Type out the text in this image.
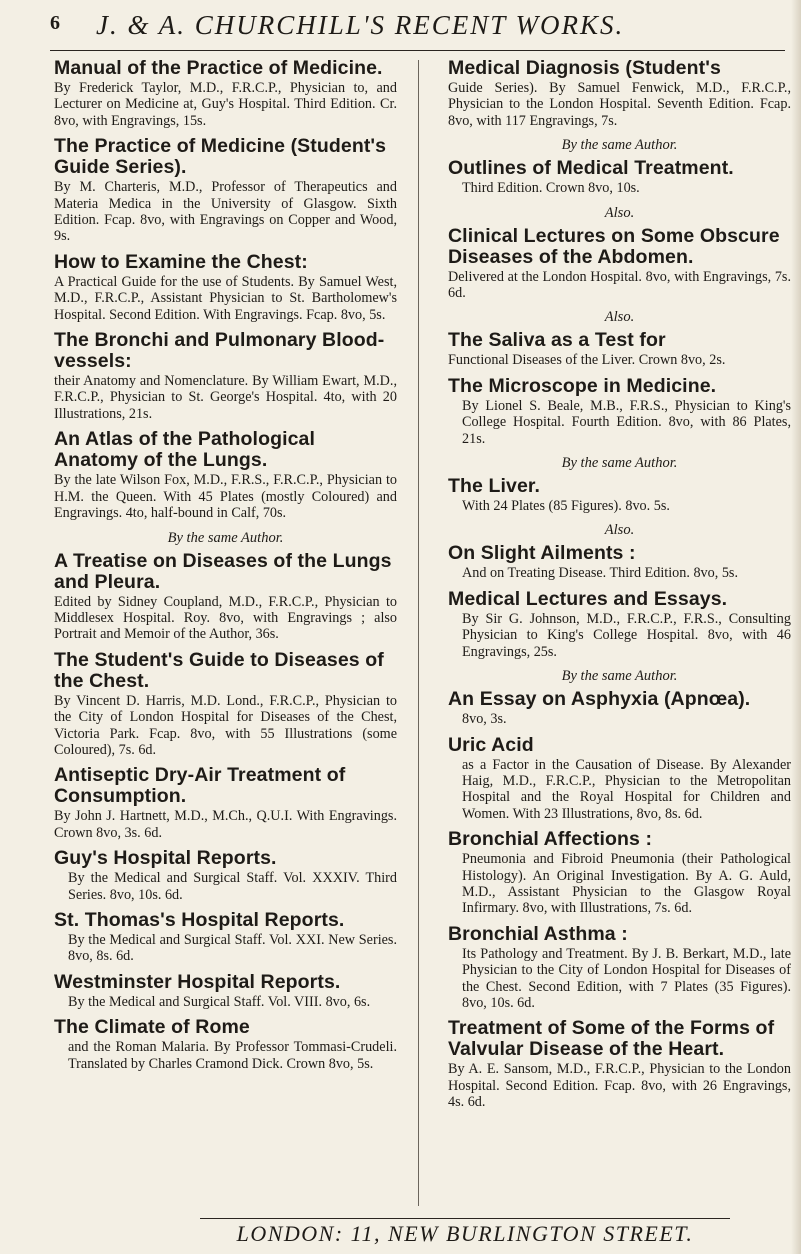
6 J. & A. CHURCHILL'S RECENT WORKS.
Manual of the Practice of Medicine.
By Frederick Taylor, M.D., F.R.C.P., Physician to, and Lecturer on Medicine at, Guy's Hospital. Third Edition. Cr. 8vo, with Engravings, 15s.
The Practice of Medicine (Student's Guide Series).
By M. Charteris, M.D., Professor of Therapeutics and Materia Medica in the University of Glasgow. Sixth Edition. Fcap. 8vo, with Engravings on Copper and Wood, 9s.
How to Examine the Chest:
A Practical Guide for the use of Students. By Samuel West, M.D., F.R.C.P., Assistant Physician to St. Bartholomew's Hospital. Second Edition. With Engravings. Fcap. 8vo, 5s.
The Bronchi and Pulmonary Blood-vessels:
their Anatomy and Nomenclature. By William Ewart, M.D., F.R.C.P., Physician to St. George's Hospital. 4to, with 20 Illustrations, 21s.
An Atlas of the Pathological Anatomy of the Lungs.
By the late Wilson Fox, M.D., F.R.S., F.R.C.P., Physician to H.M. the Queen. With 45 Plates (mostly Coloured) and Engravings. 4to, half-bound in Calf, 70s.
By the same Author.
A Treatise on Diseases of the Lungs and Pleura.
Edited by Sidney Coupland, M.D., F.R.C.P., Physician to Middlesex Hospital. Roy. 8vo, with Engravings ; also Portrait and Memoir of the Author, 36s.
The Student's Guide to Diseases of the Chest.
By Vincent D. Harris, M.D. Lond., F.R.C.P., Physician to the City of London Hospital for Diseases of the Chest, Victoria Park. Fcap. 8vo, with 55 Illustrations (some Coloured), 7s. 6d.
Antiseptic Dry-Air Treatment of Consumption.
By John J. Hartnett, M.D., M.Ch., Q.U.I. With Engravings. Crown 8vo, 3s. 6d.
Guy's Hospital Reports.
By the Medical and Surgical Staff. Vol. XXXIV. Third Series. 8vo, 10s. 6d.
St. Thomas's Hospital Reports.
By the Medical and Surgical Staff. Vol. XXI. New Series. 8vo, 8s. 6d.
Westminster Hospital Reports.
By the Medical and Surgical Staff. Vol. VIII. 8vo, 6s.
The Climate of Rome
and the Roman Malaria. By Professor Tommasi-Crudeli. Translated by Charles Cramond Dick. Crown 8vo, 5s.
Medical Diagnosis (Student's
Guide Series). By Samuel Fenwick, M.D., F.R.C.P., Physician to the London Hospital. Seventh Edition. Fcap. 8vo, with 117 Engravings, 7s.
By the same Author.
Outlines of Medical Treatment.
Third Edition. Crown 8vo, 10s.
Also.
Clinical Lectures on Some Obscure Diseases of the Abdomen.
Delivered at the London Hospital. 8vo, with Engravings, 7s. 6d.
Also.
The Saliva as a Test for
Functional Diseases of the Liver. Crown 8vo, 2s.
The Microscope in Medicine.
By Lionel S. Beale, M.B., F.R.S., Physician to King's College Hospital. Fourth Edition. 8vo, with 86 Plates, 21s.
By the same Author.
The Liver.
With 24 Plates (85 Figures). 8vo. 5s.
Also.
On Slight Ailments :
And on Treating Disease. Third Edition. 8vo, 5s.
Medical Lectures and Essays.
By Sir G. Johnson, M.D., F.R.C.P., F.R.S., Consulting Physician to King's College Hospital. 8vo, with 46 Engravings, 25s.
By the same Author.
An Essay on Asphyxia (Apnœa).
8vo, 3s.
Uric Acid
as a Factor in the Causation of Disease. By Alexander Haig, M.D., F.R.C.P., Physician to the Metropolitan Hospital and the Royal Hospital for Children and Women. With 23 Illustrations, 8vo, 8s. 6d.
Bronchial Affections :
Pneumonia and Fibroid Pneumonia (their Pathological Histology). An Original Investigation. By A. G. Auld, M.D., Assistant Physician to the Glasgow Royal Infirmary. 8vo, with Illustrations, 7s. 6d.
Bronchial Asthma :
Its Pathology and Treatment. By J. B. Berkart, M.D., late Physician to the City of London Hospital for Diseases of the Chest. Second Edition, with 7 Plates (35 Figures). 8vo, 10s. 6d.
Treatment of Some of the Forms of Valvular Disease of the Heart.
By A. E. Sansom, M.D., F.R.C.P., Physician to the London Hospital. Second Edition. Fcap. 8vo, with 26 Engravings, 4s. 6d.
LONDON: 11, NEW BURLINGTON STREET.
